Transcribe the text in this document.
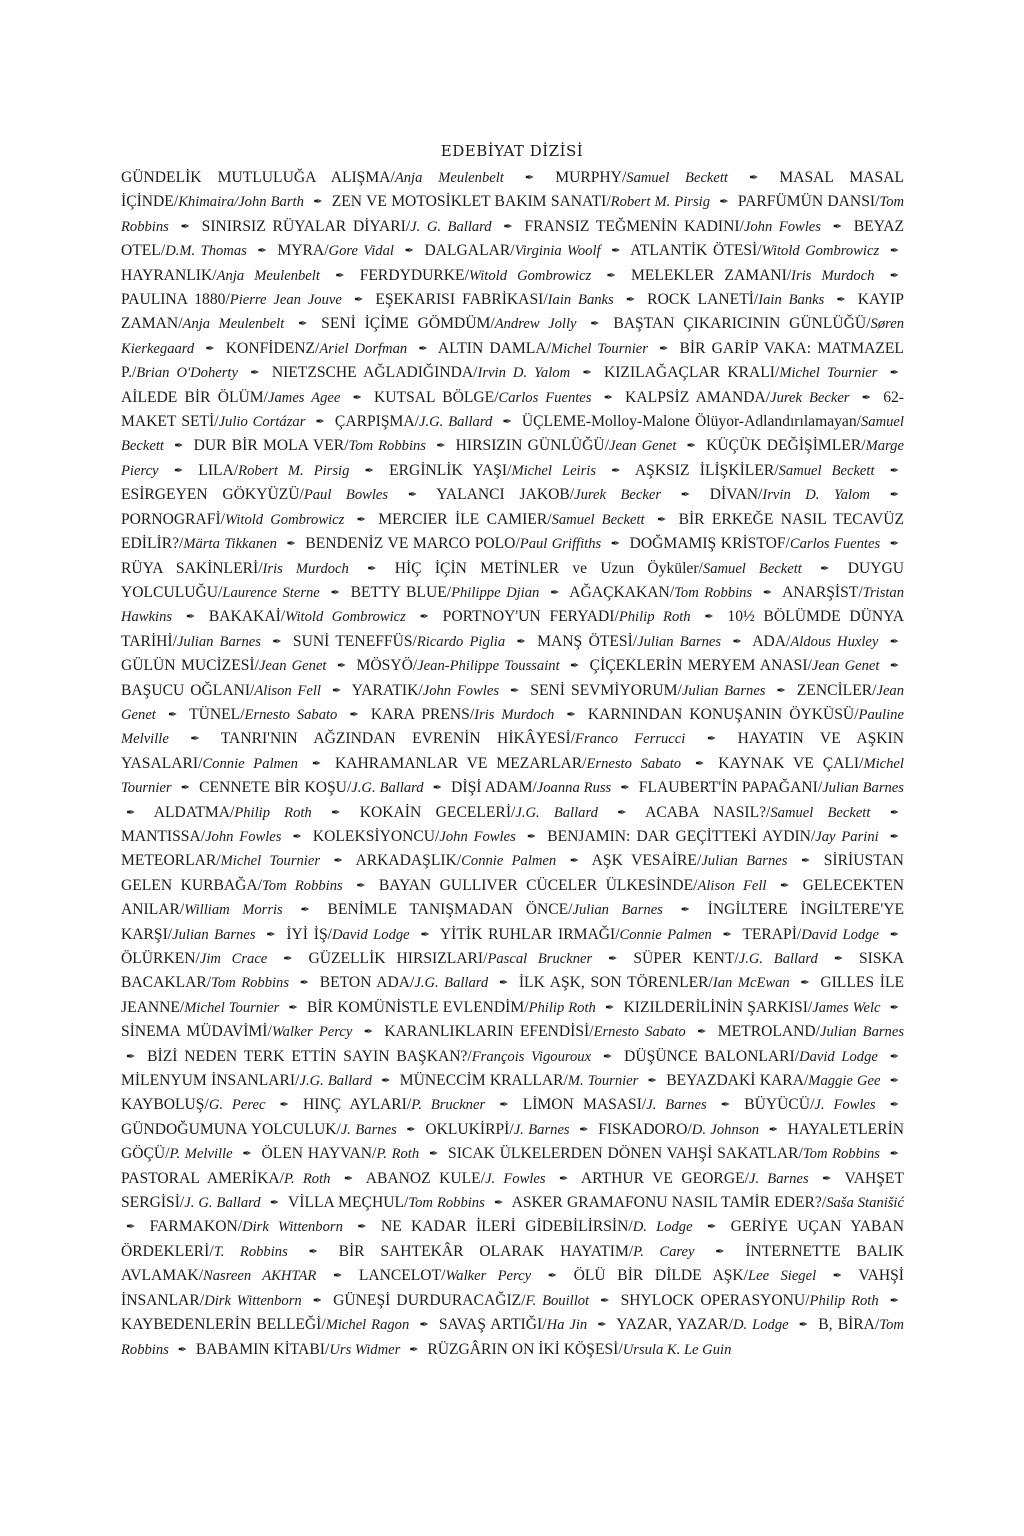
EDEBİYAT DİZİSİ
GÜNDELİK MUTLULUĞA ALIŞMA/Anja Meulenbelt ✒ MURPHY/Samuel Beckett ✒ MASAL MASAL İÇİNDE/Khimaira/John Barth ✒ ZEN VE MOTOSİKLET BAKIM SANATI/Robert M. Pirsig ✒ PARFÜMÜN DANSI/Tom Robbins ✒ SINIRSIZ RÜYALAR DİYARI/J. G. Ballard ✒ FRANSIZ TEĞMENİN KADINI/John Fowles ✒ BEYAZ OTEL/D.M. Thomas ✒ MYRA/Gore Vidal ✒ DALGALAR/Virginia Woolf ✒ ATLANTİK ÖTESİ/Witold Gombrowicz ✒ HAYRANLIK/Anja Meulenbelt ✒ FERDYDURKE/Witold Gombrowicz ✒ MELEKLER ZAMANI/Iris Murdoch ✒ PAULINA 1880/Pierre Jean Jouve ✒ EŞEKARISI FABRİKASI/Iain Banks ✒ ROCK LANETİ/Iain Banks ✒ KAYIP ZAMAN/Anja Meulenbelt ✒ SENİ İÇİME GÖMDÜM/Andrew Jolly ✒ BAŞTAN ÇIKARICININ GÜNLÜĞÜ/Søren Kierkegaard ✒ KONFİDENZ/Ariel Dorfman ✒ ALTIN DAMLA/Michel Tournier ✒ BİR GARİP VAKA: MATMAZEL P./Brian O'Doherty ✒ NIETZSCHE AĞLADIĞINDA/Irvin D. Yalom ✒ KIZILAĞAÇLAR KRALI/Michel Tournier ✒ AİLEDE BİR ÖLÜM/James Agee ✒ KUTSAL BÖLGE/Carlos Fuentes ✒ KALPSİZ AMANDA/Jurek Becker ✒ 62-MAKET SETİ/Julio Cortázar ✒ ÇARPIŞMA/J.G. Ballard ✒ ÜÇLEME-Molloy-Malone Ölüyor-Adlandırılamayan/Samuel Beckett ✒ DUR BİR MOLA VER/Tom Robbins ✒ HIRSIZIN GÜNLÜĞÜ/Jean Genet ✒ KÜÇÜK DEĞİŞİMLER/Marge Piercy ✒ LILA/Robert M. Pirsig ✒ ERGİNLİK YAŞI/Michel Leiris ✒ AŞKSIZ İLİŞKİLER/Samuel Beckett ✒ ESİRGEYEN GÖKYÜZÜ/Paul Bowles ✒ YALANCI JAKOB/Jurek Becker ✒ DİVAN/Irvin D. Yalom ✒ PORNOGRAFİ/Witold Gombrowicz ✒ MERCIER İLE CAMIER/Samuel Beckett ✒ BİR ERKEĞE NASIL TECAVÜZ EDİLİR?/Märta Tikkanen ✒ BENDENİZ VE MARCO POLO/Paul Griffiths ✒ DOĞMAMIŞ KRİSTOF/Carlos Fuentes ✒ RÜYA SAKİNLERİ/Iris Murdoch ✒ HİÇ İÇİN METİNLER ve Uzun Öyküler/Samuel Beckett ✒ DUYGU YOLCULUĞU/Laurence Sterne ✒ BETTY BLUE/Philippe Djian ✒ AĞAÇKAKAN/Tom Robbins ✒ ANARŞİST/Tristan Hawkins ✒ BAKAKAİ/Witold Gombrowicz ✒ PORTNOY'UN FERYADI/Philip Roth ✒ 10½ BÖLÜMDE DÜNYA TARİHİ/Julian Barnes ✒ SUNİ TENEFFÜS/Ricardo Piglia ✒ MANŞ ÖTESİ/Julian Barnes ✒ ADA/Aldous Huxley ✒ GÜLÜN MUCİZESİ/Jean Genet ✒ MÖSYÖ/Jean-Philippe Toussaint ✒ ÇİÇEKLERİN MERYEM ANASI/Jean Genet ✒ BAŞUCU OĞLANI/Alison Fell ✒ YARATIK/John Fowles ✒ SENİ SEVMİYORUM/Julian Barnes ✒ ZENCİLER/Jean Genet ✒ TÜNEL/Ernesto Sabato ✒ KARA PRENS/Iris Murdoch ✒ KARNINDAN KONUŞANIN ÖYKÜSÜ/Pauline Melville ✒ TANRI'NIN AĞZINDAN EVRENİN HİKÂYESİ/Franco Ferrucci ✒ HAYATIN VE AŞKIN YASALARI/Connie Palmen ✒ KAHRAMANLAR VE MEZARLAR/Ernesto Sabato ✒ KAYNAK VE ÇALI/Michel Tournier ✒ CENNETE BİR KOŞU/J.G. Ballard ✒ DİŞİ ADAM/Joanna Russ ✒ FLAUBERT'İN PAPAĞANI/Julian Barnes ✒ ALDATMA/Philip Roth ✒ KOKAİN GECELERİ/J.G. Ballard ✒ ACABA NASIL?/Samuel Beckett ✒ MANTISSA/John Fowles ✒ KOLEKSİYONCU/John Fowles ✒ BENJAMIN: DAR GEÇİTTEKİ AYDIN/Jay Parini ✒ METEORLAR/Michel Tournier ✒ ARKADAŞLIK/Connie Palmen ✒ AŞK VESAİRE/Julian Barnes ✒ SİRİUSTAN GELEN KURBAĞA/Tom Robbins ✒ BAYAN GULLIVER CÜCELER ÜLKESİNDE/Alison Fell ✒ GELECEKTEN ANILAR/William Morris ✒ BENİMLE TANIŞMADAN ÖNCE/Julian Barnes ✒ İNGİLTERE İNGİLTERE'YE KARŞI/Julian Barnes ✒ İYİ İŞ/David Lodge ✒ YİTİK RUHLAR IRMAĞI/Connie Palmen ✒ TERAPİ/David Lodge ✒ ÖLÜRKEN/Jim Crace ✒ GÜZELLİK HIRSIZLARI/Pascal Bruckner ✒ SÜPER KENT/J.G. Ballard ✒ SISKA BACAKLAR/Tom Robbins ✒ BETON ADA/J.G. Ballard ✒ İLK AŞK, SON TÖRENLER/Ian McEwan ✒ GILLES İLE JEANNE/Michel Tournier ✒ BİR KOMÜNİSTLE EVLENDİM/Philip Roth ✒ KIZILDERİLİNİN ŞARKISI/James Welc ✒ SİNEMA MÜDAVİMİ/Walker Percy ✒ KARANLIKLARIN EFENDİSİ/Ernesto Sabato ✒ METROLAND/Julian Barnes ✒ BİZİ NEDEN TERK ETTİN SAYIN BAŞKAN?/François Vigouroux ✒ DÜŞÜNCE BALONLARI/David Lodge ✒ MİLENYUM İNSANLARI/J.G. Ballard ✒ MÜNECCİM KRALLAR/M. Tournier ✒ BEYAZDAKİ KARA/Maggie Gee ✒ KAYBOLUŞ/G. Perec ✒ HINÇ AYLARI/P. Bruckner ✒ LİMON MASASI/J. Barnes ✒ BÜYÜCÜ/J. Fowles ✒ GÜNDOĞUMUNA YOLCULUK/J. Barnes ✒ OKLUKİRPİ/J. Barnes ✒ FISKADORO/D. Johnson ✒ HAYALETLERİN GÖÇÜ/P. Melville ✒ ÖLEN HAYVAN/P. Roth ✒ SICAK ÜLKELERDEN DÖNEN VAHŞİ SAKATLAR/Tom Robbins ✒ PASTORAL AMERİKA/P. Roth ✒ ABANOZ KULE/J. Fowles ✒ ARTHUR VE GEORGE/J. Barnes ✒ VAHŞET SERGİSİ/J. G. Ballard ✒ VİLLA MEÇHUL/Tom Robbins ✒ ASKER GRAMAFONU NASIL TAMİR EDER?/Saša Stanišić ✒ FARMAKON/Dirk Wittenborn ✒ NE KADAR İLERİ GİDEBİLİRSİN/D. Lodge ✒ GERİYE UÇAN YABAN ÖRDEKLERİ/T. Robbins ✒ BİR SAHTEKÂR OLARAK HAYATIM/P. Carey ✒ İNTERNETTE BALIK AVLAMAK/Nasreen AKHTAR ✒ LANCELOT/Walker Percy ✒ ÖLÜ BİR DİLDE AŞK/Lee Siegel ✒ VAHŞİ İNSANLAR/Dirk Wittenborn ✒ GÜNEŞİ DURDURACAĞIZ/F. Bouillot ✒ SHYLOCK OPERASYONU/Philip Roth ✒ KAYBEDENLERİN BELLEĞİ/Michel Ragon ✒ SAVAŞ ARTIĞI/Ha Jin ✒ YAZAR, YAZAR/D. Lodge ✒ B, BİRA/Tom Robbins ✒ BABAMIN KİTABI/Urs Widmer ✒ RÜZGÂRIN ON İKİ KÖŞESİ/Ursula K. Le Guin
